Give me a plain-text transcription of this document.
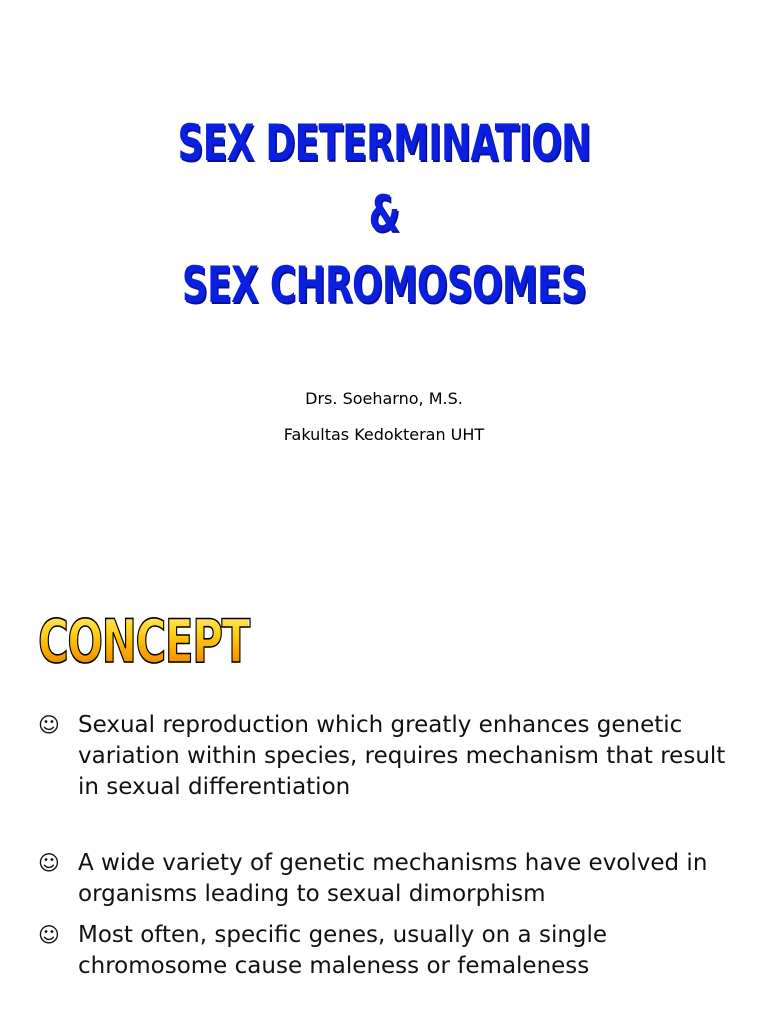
SEX DETERMINATION
&
SEX CHROMOSOMES
Drs. Soeharno, M.S.
Fakultas Kedokteran UHT
CONCEPT
☺ Sexual reproduction which greatly enhances genetic variation within species, requires mechanism that result in sexual differentiation
☺ A wide variety of genetic mechanisms have evolved in organisms leading to sexual dimorphism
☺ Most often, specific genes, usually on a single chromosome cause maleness or femaleness
